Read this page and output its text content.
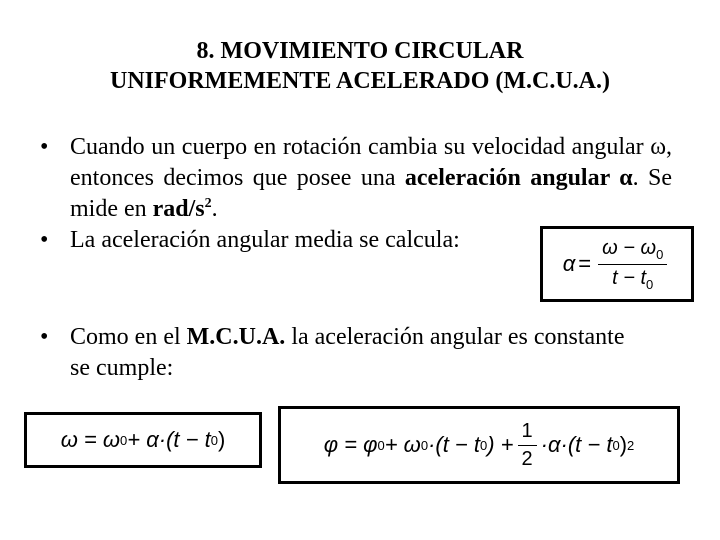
8. MOVIMIENTO CIRCULAR
UNIFORMEMENTE ACELERADO (M.C.U.A.)
• Cuando un cuerpo en rotación cambia su velocidad angular ω, entonces decimos que posee una aceleración angular α. Se mide en rad/$s^2$.
• La aceleración angular media se calcula:
$\alpha = \frac{\omega - \omega_0}{t - t_0}$
• Como en el M.C.U.A. la aceleración angular es constante se cumple:
ω = ω 0 + α·(t − t 0 )	φ = φ 0 + ω 0 ·(t − t 0 ) + $\frac{1}{2} \cdot\alpha\cdot(t - t$ 0 ) 2
